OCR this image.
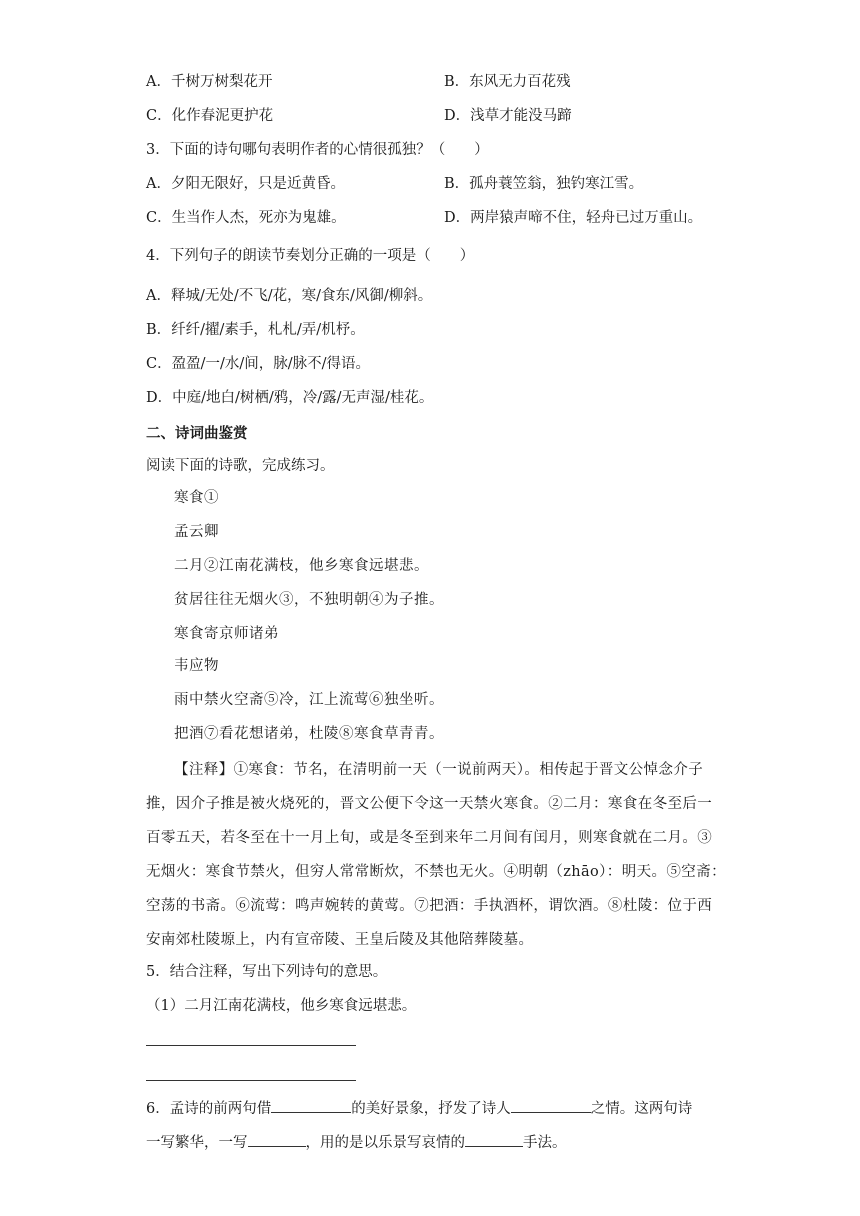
A．千树万树梨花开	B．东风无力百花残
C．化作春泥更护花	D．浅草才能没马蹄
3．下面的诗句哪句表明作者的心情很孤独？（　　）
A．夕阳无限好，只是近黄昏。	B．孤舟蓑笠翁，独钓寒江雪。
C．生当作人杰，死亦为鬼雄。	D．两岸猿声啼不住，轻舟已过万重山。
4．下列句子的朗读节奏划分正确的一项是（　　）
A．释城/无处/不飞/花，寒/食东/风御/柳斜。
B．纤纤/擢/素手，札札/弄/机杼。
C．盈盈/一/水/间，脉/脉不/得语。
D．中庭/地白/树栖/鸦，冷/露/无声湿/桂花。
二、诗词曲鉴赏
阅读下面的诗歌，完成练习。
寒食①
孟云卿
二月②江南花满枝，他乡寒食远堪悲。
贫居往往无烟火③，不独明朝④为子推。
寒食寄京师诸弟
韦应物
雨中禁火空斋⑤冷，江上流莺⑥独坐听。
把酒⑦看花想诸弟，杜陵⑧寒食草青青。
【注释】①寒食：节名，在清明前一天（一说前两天）。相传起于晋文公悼念介子
推，因介子推是被火烧死的，晋文公便下令这一天禁火寒食。②二月：寒食在冬至后一
百零五天，若冬至在十一月上旬，或是冬至到来年二月间有闰月，则寒食就在二月。③
无烟火：寒食节禁火，但穷人常常断炊，不禁也无火。④明朝（zhāo）：明天。⑤空斋：
空荡的书斋。⑥流莺：鸣声婉转的黄莺。⑦把酒：手执酒杯，谓饮酒。⑧杜陵：位于西
安南郊杜陵塬上，内有宣帝陵、王皇后陵及其他陪葬陵墓。
5．结合注释，写出下列诗句的意思。
（1）二月江南花满枝，他乡寒食远堪悲。
6．孟诗的前两句借	的美好景象，抒发了诗人	之情。这两句诗
一写繁华，一写	，用的是以乐景写哀情的	手法。
